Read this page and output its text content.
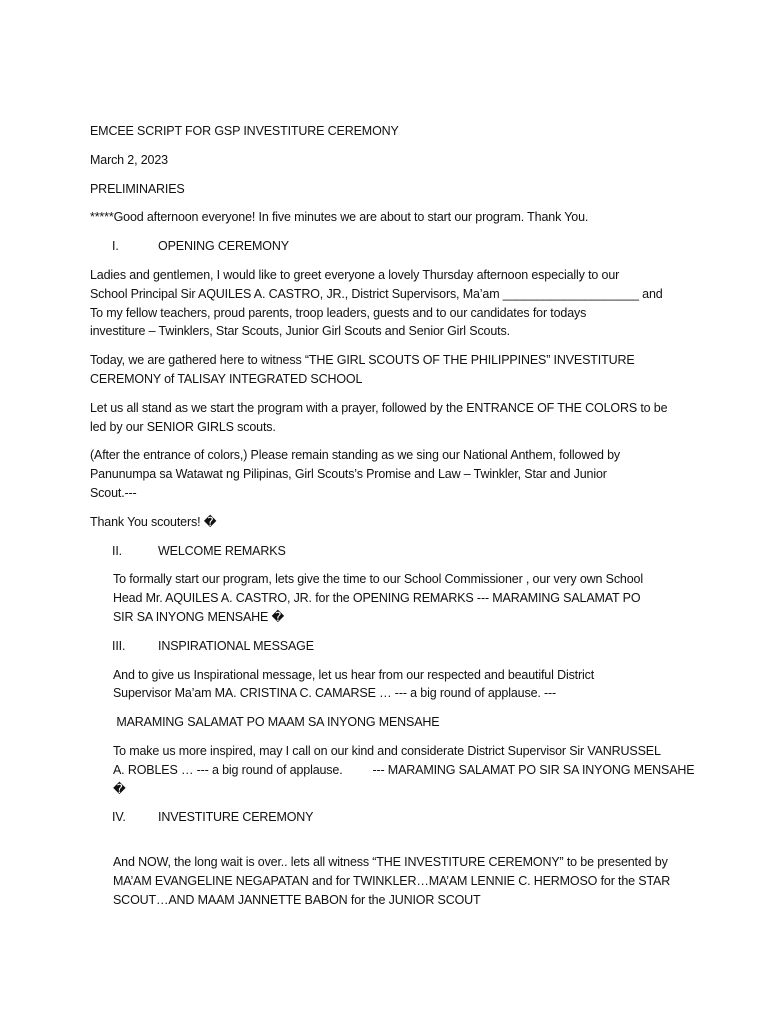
EMCEE SCRIPT FOR GSP INVESTITURE CEREMONY

March 2, 2023

PRELIMINARIES

*****Good afternoon everyone! In five minutes we are about to start our program. Thank You.

I.	OPENING CEREMONY

Ladies and gentlemen, I would like to greet everyone a lovely Thursday afternoon especially to our
School Principal Sir AQUILES A. CASTRO, JR., District Supervisors, Ma’am ____________________ and
To my fellow teachers, proud parents, troop leaders, guests and to our candidates for todays
investiture – Twinklers, Star Scouts, Junior Girl Scouts and Senior Girl Scouts.

Today, we are gathered here to witness “THE GIRL SCOUTS OF THE PHILIPPINES” INVESTITURE
CEREMONY of TALISAY INTEGRATED SCHOOL

Let us all stand as we start the program with a prayer, followed by the ENTRANCE OF THE COLORS to be
led by our SENIOR GIRLS scouts.

(After the entrance of colors,) Please remain standing as we sing our National Anthem, followed by
Panunumpa sa Watawat ng Pilipinas, Girl Scouts’s Promise and Law – Twinkler, Star and Junior
Scout.---

Thank You scouters! �

II.	WELCOME REMARKS

To formally start our program, lets give the time to our School Commissioner , our very own School
Head Mr. AQUILES A. CASTRO, JR. for the OPENING REMARKS --- MARAMING SALAMAT PO
SIR SA INYONG MENSAHE �

III.	INSPIRATIONAL MESSAGE

And to give us Inspirational message, let us hear from our respected and beautiful District
Supervisor Ma’am MA. CRISTINA C. CAMARSE … --- a big round of applause. ---

MARAMING SALAMAT PO MAAM SA INYONG MENSAHE

To make us more inspired, may I call on our kind and considerate District Supervisor Sir VANRUSSEL
A. ROBLES … --- a big round of applause.         --- MARAMING SALAMAT PO SIR SA INYONG MENSAHE
�

IV.	INVESTITURE CEREMONY

And NOW, the long wait is over.. lets all witness “THE INVESTITURE CEREMONY” to be presented by
MA’AM EVANGELINE NEGAPATAN and for TWINKLER…MA’AM LENNIE C. HERMOSO for the STAR
SCOUT…AND MAAM JANNETTE BABON for the JUNIOR SCOUT
